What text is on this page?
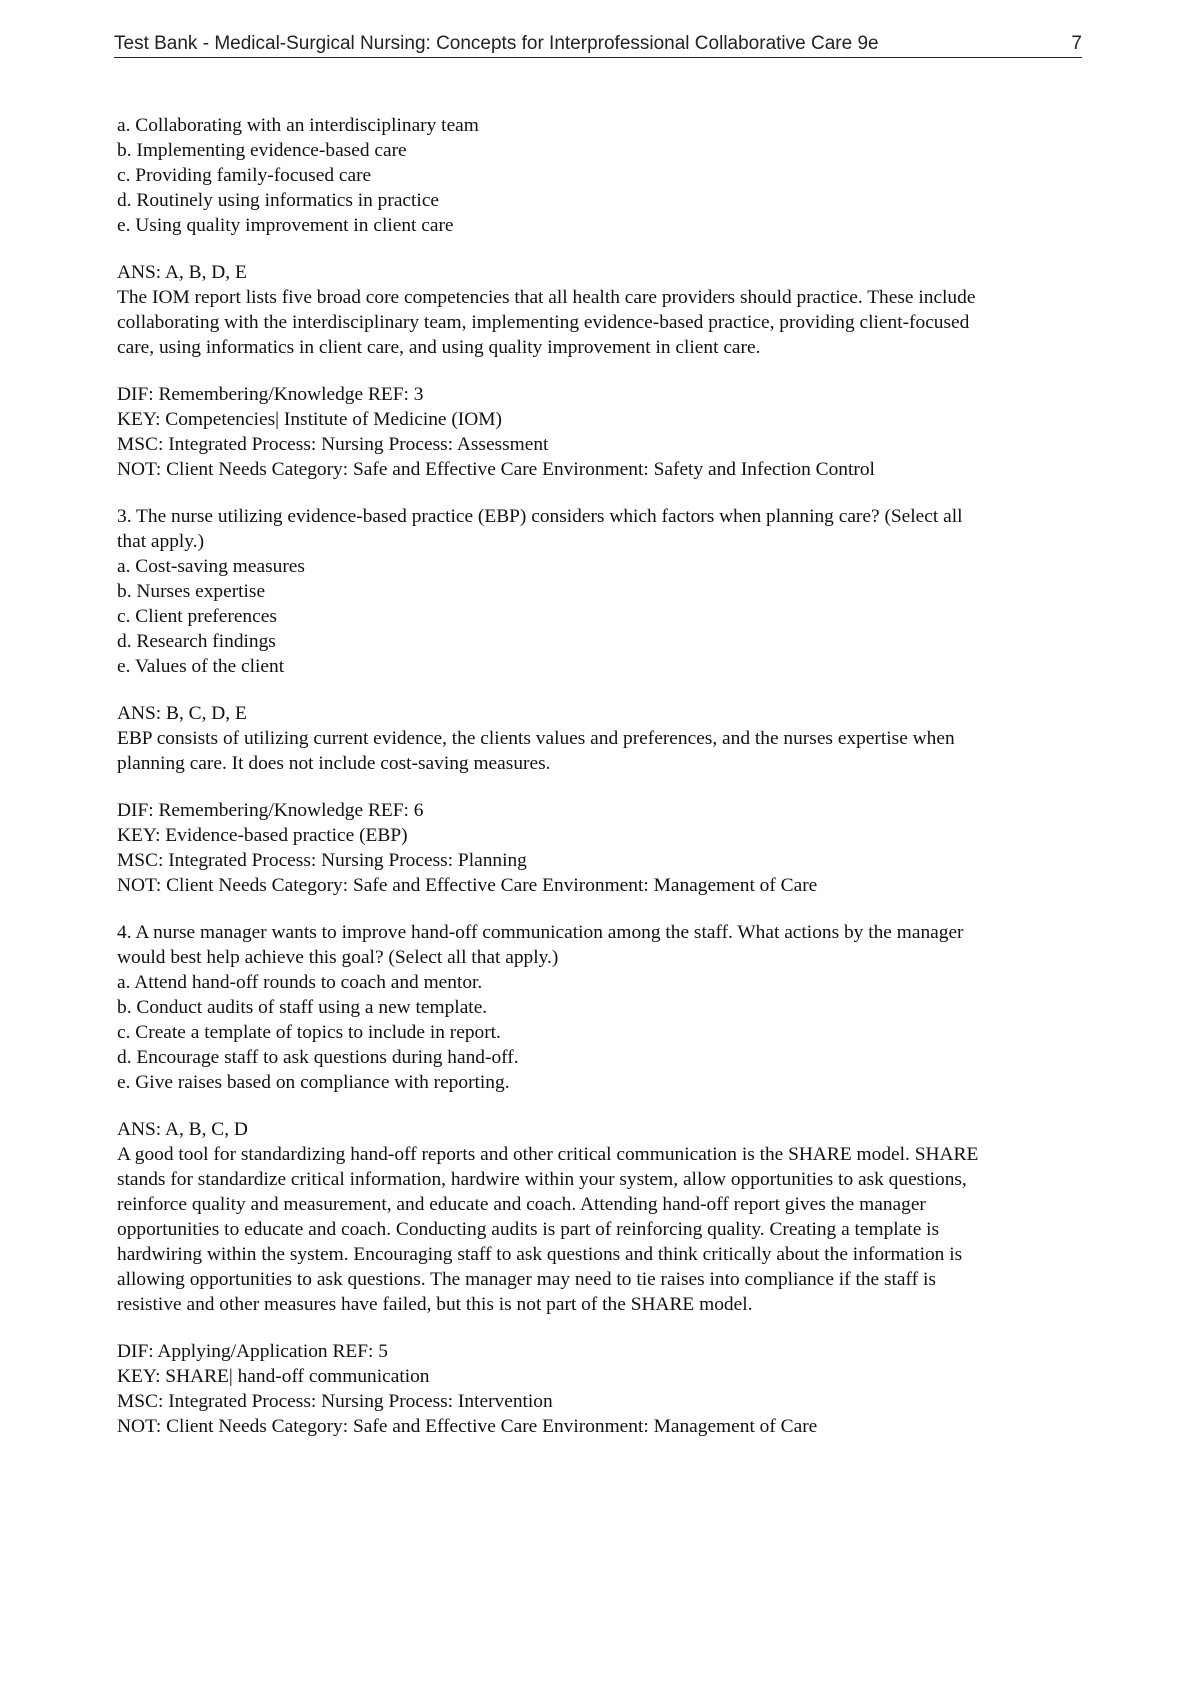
Test Bank - Medical-Surgical Nursing: Concepts for Interprofessional Collaborative Care 9e	7
a. Collaborating with an interdisciplinary team
b. Implementing evidence-based care
c. Providing family-focused care
d. Routinely using informatics in practice
e. Using quality improvement in client care
ANS: A, B, D, E
The IOM report lists five broad core competencies that all health care providers should practice. These include
collaborating with the interdisciplinary team, implementing evidence-based practice, providing client-focused
care, using informatics in client care, and using quality improvement in client care.
DIF: Remembering/Knowledge REF: 3
KEY: Competencies| Institute of Medicine (IOM)
MSC: Integrated Process: Nursing Process: Assessment
NOT: Client Needs Category: Safe and Effective Care Environment: Safety and Infection Control
3. The nurse utilizing evidence-based practice (EBP) considers which factors when planning care? (Select all
that apply.)
a. Cost-saving measures
b. Nurses expertise
c. Client preferences
d. Research findings
e. Values of the client
ANS: B, C, D, E
EBP consists of utilizing current evidence, the clients values and preferences, and the nurses expertise when
planning care. It does not include cost-saving measures.
DIF: Remembering/Knowledge REF: 6
KEY: Evidence-based practice (EBP)
MSC: Integrated Process: Nursing Process: Planning
NOT: Client Needs Category: Safe and Effective Care Environment: Management of Care
4. A nurse manager wants to improve hand-off communication among the staff. What actions by the manager
would best help achieve this goal? (Select all that apply.)
a. Attend hand-off rounds to coach and mentor.
b. Conduct audits of staff using a new template.
c. Create a template of topics to include in report.
d. Encourage staff to ask questions during hand-off.
e. Give raises based on compliance with reporting.
ANS: A, B, C, D
A good tool for standardizing hand-off reports and other critical communication is the SHARE model. SHARE
stands for standardize critical information, hardwire within your system, allow opportunities to ask questions,
reinforce quality and measurement, and educate and coach. Attending hand-off report gives the manager
opportunities to educate and coach. Conducting audits is part of reinforcing quality. Creating a template is
hardwiring within the system. Encouraging staff to ask questions and think critically about the information is
allowing opportunities to ask questions. The manager may need to tie raises into compliance if the staff is
resistive and other measures have failed, but this is not part of the SHARE model.
DIF: Applying/Application REF: 5
KEY: SHARE| hand-off communication
MSC: Integrated Process: Nursing Process: Intervention
NOT: Client Needs Category: Safe and Effective Care Environment: Management of Care
